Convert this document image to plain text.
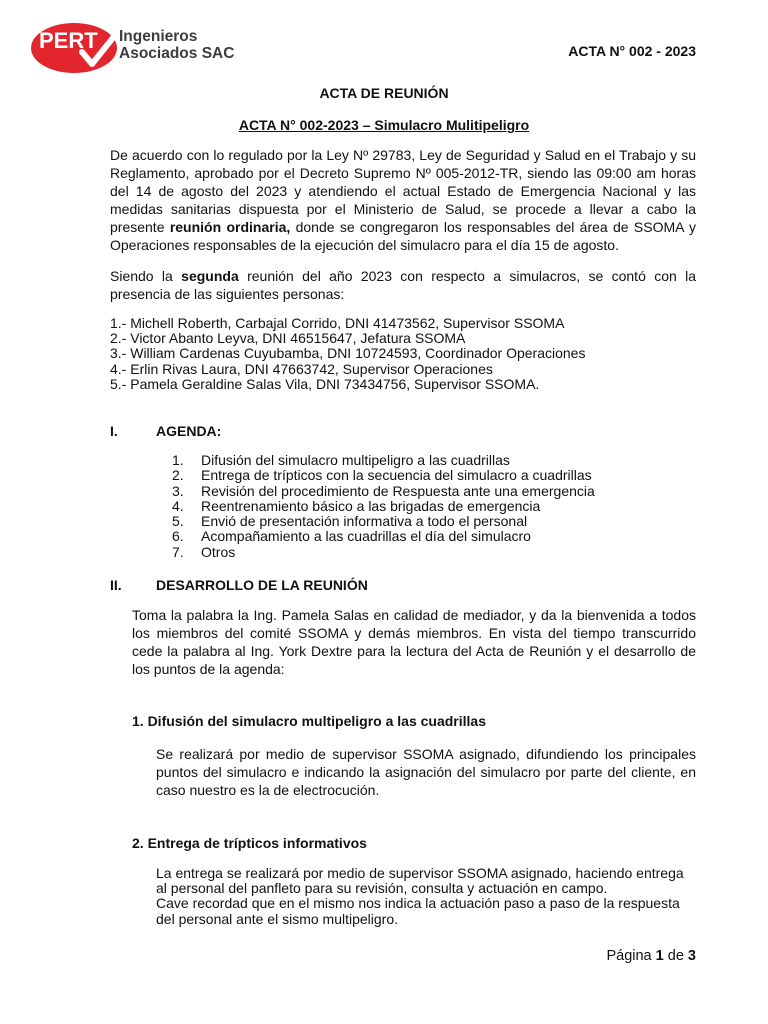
PERT Ingenieros
Asociados SAC	ACTA N° 002 - 2023
ACTA DE REUNIÓN
ACTA N° 002-2023 – Simulacro Mulitipeligro
De acuerdo con lo regulado por la Ley Nº 29783, Ley de Seguridad y Salud en el Trabajo y su Reglamento, aprobado por el Decreto Supremo Nº 005-2012-TR, siendo las 09:00 am horas del 14 de agosto del 2023 y atendiendo el actual Estado de Emergencia Nacional y las medidas sanitarias dispuesta por el Ministerio de Salud, se procede a llevar a cabo la presente reunión ordinaria, donde se congregaron los responsables del área de SSOMA y Operaciones responsables de la ejecución del simulacro para el día 15 de agosto.
Siendo la segunda reunión del año 2023 con respecto a simulacros, se contó con la presencia de las siguientes personas:
1.- Michell Roberth, Carbajal Corrido, DNI 41473562, Supervisor SSOMA
2.- Victor Abanto Leyva, DNI 46515647, Jefatura SSOMA
3.- William Cardenas Cuyubamba, DNI 10724593, Coordinador Operaciones
4.- Erlin Rivas Laura, DNI 47663742, Supervisor Operaciones
5.- Pamela Geraldine Salas Vila, DNI 73434756, Supervisor SSOMA.
I.	AGENDA:
1.	Difusión del simulacro multipeligro a las cuadrillas
2.	Entrega de trípticos con la secuencia del simulacro a cuadrillas
3.	Revisión del procedimiento de Respuesta ante una emergencia
4.	Reentrenamiento básico a las brigadas de emergencia
5.	Envió de presentación informativa a todo el personal
6.	Acompañamiento a las cuadrillas el día del simulacro
7.	Otros
II. DESARROLLO DE LA REUNIÓN
Toma la palabra la Ing. Pamela Salas en calidad de mediador, y da la bienvenida a todos los miembros del comité SSOMA y demás miembros. En vista del tiempo transcurrido cede la palabra al Ing. York Dextre para la lectura del Acta de Reunión y el desarrollo de los puntos de la agenda:
1. Difusión del simulacro multipeligro a las cuadrillas
Se realizará por medio de supervisor SSOMA asignado, difundiendo los principales puntos del simulacro e indicando la asignación del simulacro por parte del cliente, en caso nuestro es la de electrocución.
2. Entrega de trípticos informativos
La entrega se realizará por medio de supervisor SSOMA asignado, haciendo entrega
al personal del panfleto para su revisión, consulta y actuación en campo.
Cave recordad que en el mismo nos indica la actuación paso a paso de la respuesta
del personal ante el sismo multipeligro.
Página 1 de 3
